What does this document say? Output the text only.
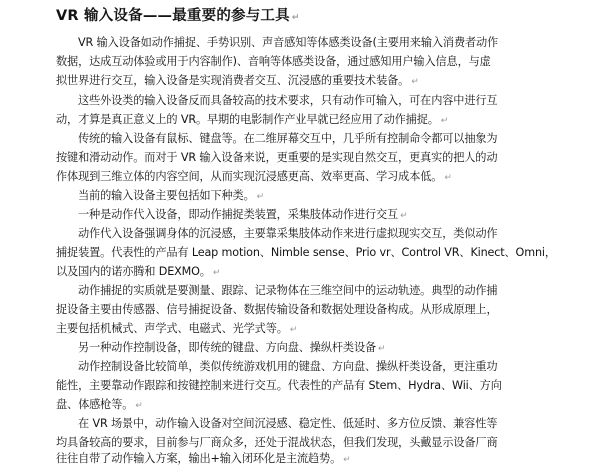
VR 输入设备——最重要的参与工具 ↵
VR 输入设备如动作捕捉、手势识别、声音感知等体感类设备(主要用来输入消费者动作
数据，达成互动体验或用于内容制作)、音响等体感类设备，通过感知用户输入信息，与虚
拟世界进行交互，输入设备是实现消费者交互、沉浸感的重要技术装备。 ↵
这些外设类的输入设备反而具备较高的技术要求，只有动作可输入，可在内容中进行互
动，才算是真正意义上的 VR。早期的电影制作产业早就已经应用了动作捕捉。 ↵
传统的输入设备有鼠标、键盘等。在二维屏幕交互中，几乎所有控制命令都可以抽象为
按键和滑动动作。而对于 VR 输入设备来说，更重要的是实现自然交互，更真实的把人的动
作体现到三维立体的内容空间，从而实现沉浸感更高、效率更高、学习成本低。 ↵
当前的输入设备主要包括如下种类。 ↵
一种是动作代入设备，即动作捕捉类装置，采集肢体动作进行交互 ↵
动作代入设备强调身体的沉浸感，主要靠采集肢体动作来进行虚拟现实交互，类似动作
捕捉装置。代表性的产品有 Leap motion、Nimble sense、Prio vr、Control VR、Kinect、Omni，
以及国内的诺亦腾和 DEXMO。 ↵
动作捕捉的实质就是要测量、跟踪、记录物体在三维空间中的运动轨迹。典型的动作捕
捉设备主要由传感器、信号捕捉设备、数据传输设备和数据处理设备构成。从形成原理上，
主要包括机械式、声学式、电磁式、光学式等。 ↵
另一种动作控制设备，即传统的键盘、方向盘、操纵杆类设备 ↵
动作控制设备比较简单，类似传统游戏机用的键盘、方向盘、操纵杆类设备，更注重功
能性，主要靠动作跟踪和按键控制来进行交互。代表性的产品有 Stem、Hydra、Wii、方向
盘、体感枪等。 ↵
在 VR 场景中，动作输入设备对空间沉浸感、稳定性、低延时、多方位反馈、兼容性等
均具备较高的要求，目前参与厂商众多，还处于混战状态，但我们发现，头戴显示设备厂商
往往自带了动作输入方案，输出+输入闭环化是主流趋势。 ↵
